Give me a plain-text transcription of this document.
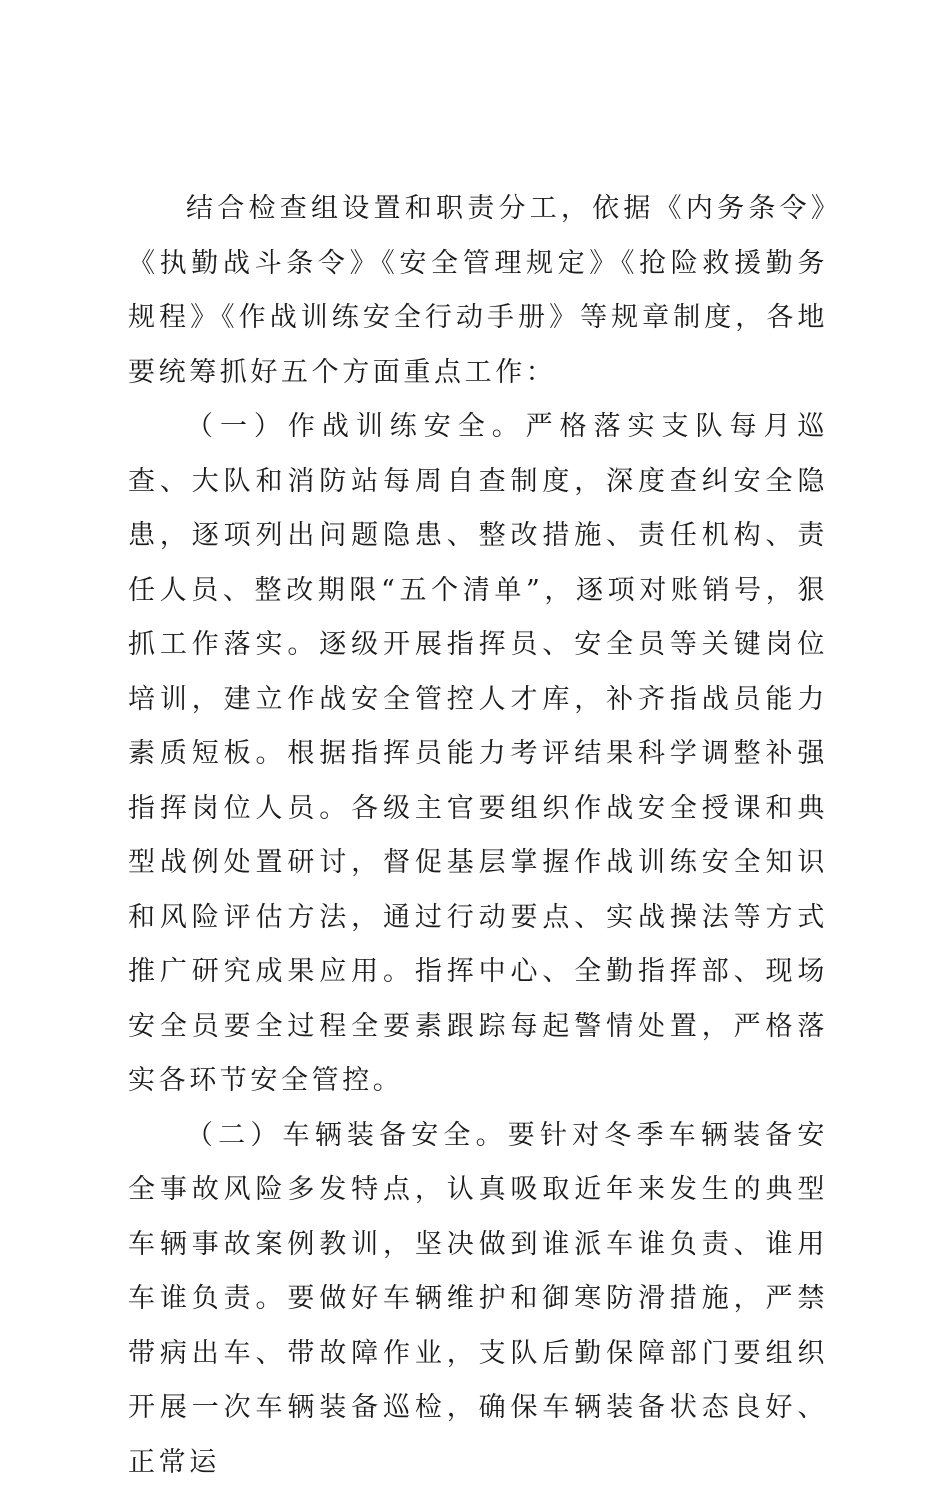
结合检查组设置和职责分工，依据《内务条令》《执勤战斗条令》《安全管理规定》《抢险救援勤务规程》《作战训练安全行动手册》等规章制度，各地要统筹抓好五个方面重点工作：

（一）作战训练安全。严格落实支队每月巡查、大队和消防站每周自查制度，深度查纠安全隐患，逐项列出问题隐患、整改措施、责任机构、责任人员、整改期限“五个清单”，逐项对账销号，狠抓工作落实。逐级开展指挥员、安全员等关键岗位培训，建立作战安全管控人才库，补齐指战员能力素质短板。根据指挥员能力考评结果科学调整补强指挥岗位人员。各级主官要组织作战安全授课和典型战例处置研讨，督促基层掌握作战训练安全知识和风险评估方法，通过行动要点、实战操法等方式推广研究成果应用。指挥中心、全勤指挥部、现场安全员要全过程全要素跟踪每起警情处置，严格落实各环节安全管控。

（二）车辆装备安全。要针对冬季车辆装备安全事故风险多发特点，认真吸取近年来发生的典型车辆事故案例教训，坚决做到谁派车谁负责、谁用车谁负责。要做好车辆维护和御寒防滑措施，严禁带病出车、带故障作业，支队后勤保障部门要组织开展一次车辆装备巡检，确保车辆装备状态良好、正常运
